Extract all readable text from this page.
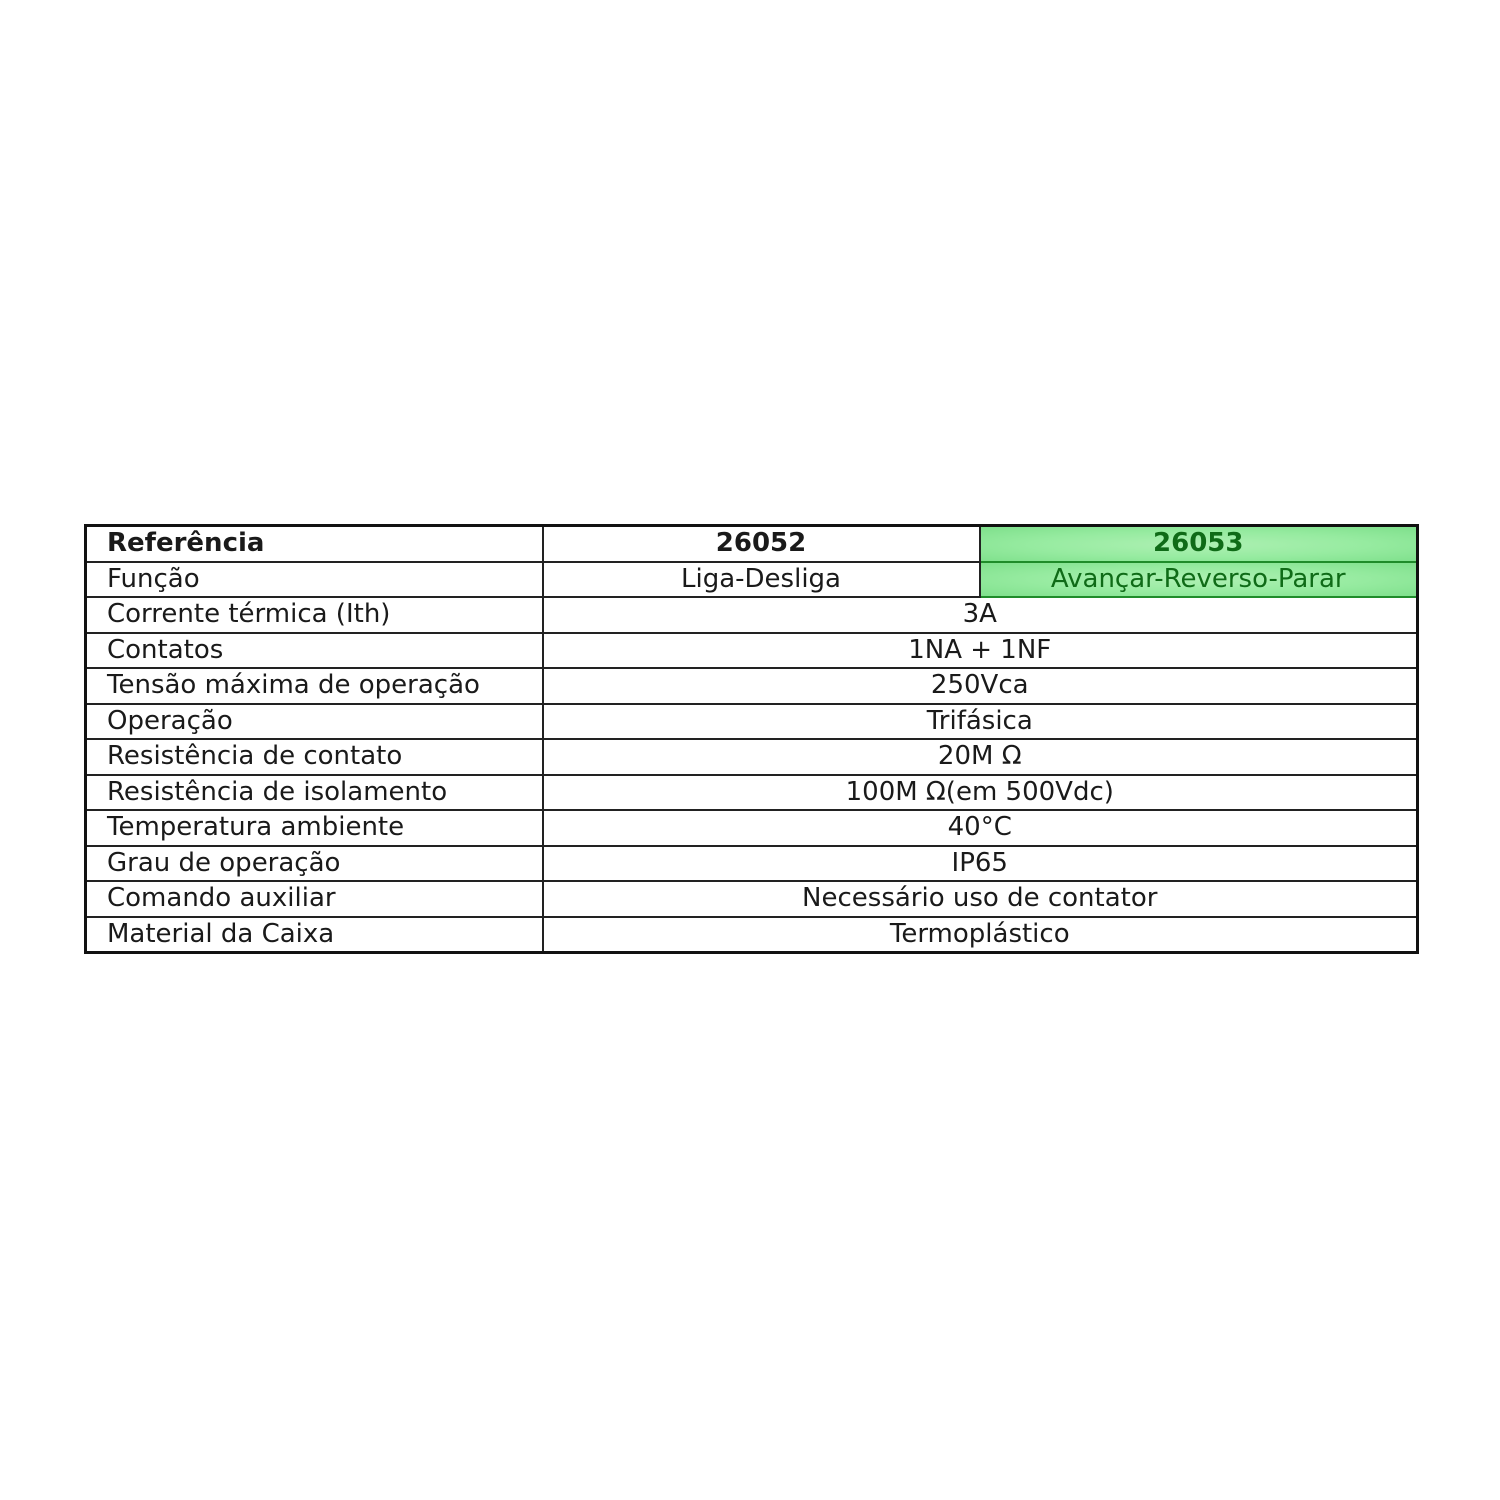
Referência	26052	26053
Função	Liga-Desliga	Avançar-Reverso-Parar
Corrente térmica (Ith)	3A	
Contatos	1NA + 1NF	
Tensão máxima de operação	250Vca	
Operação	Trifásica	
Resistência de contato	20M Ω	
Resistência de isolamento	100M Ω(em 500Vdc)	
Temperatura ambiente	40°C	
Grau de operação	IP65	
Comando auxiliar	Necessário uso de contator	
Material da Caixa	Termoplástico	
